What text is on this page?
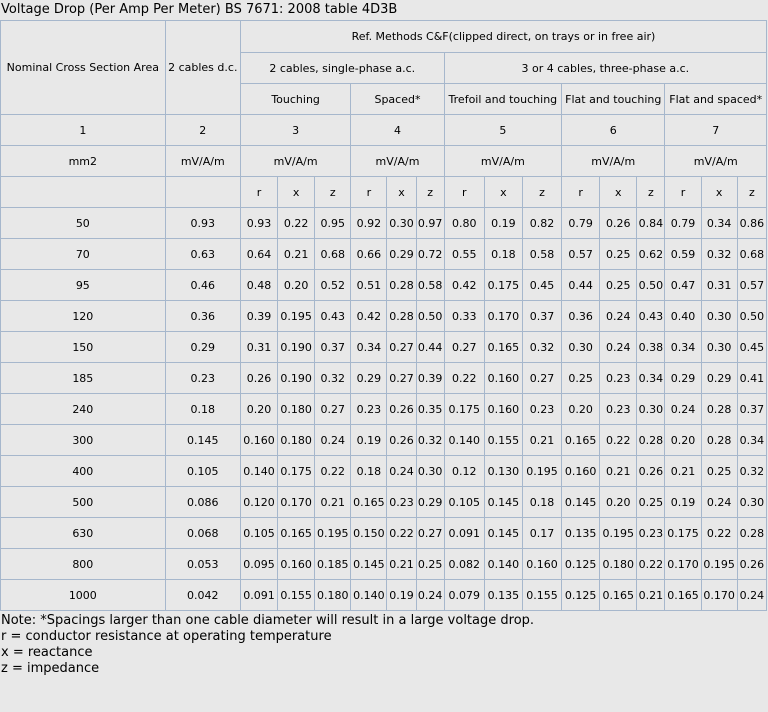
Voltage Drop (Per Amp Per Meter) BS 7671: 2008 table 4D3B
Nominal Cross Section Area	2 cables d.c.	Ref. Methods C&F(clipped direct, on trays or in free air)														
		2 cables, single-phase a.c.						3 or 4 cables, three-phase a.c.								
		Touching			Spaced*			Trefoil and touching			Flat and touching			Flat and spaced*		
1	2	3			4			5			6			7		
mm2	mV/A/m	mV/A/m			mV/A/m			mV/A/m			mV/A/m			mV/A/m		
		r	x	z	r	x	z	r	x	z	r	x	z	r	x	z
50	0.93	0.93	0.22	0.95	0.92	0.30	0.97	0.80	0.19	0.82	0.79	0.26	0.84	0.79	0.34	0.86
70	0.63	0.64	0.21	0.68	0.66	0.29	0.72	0.55	0.18	0.58	0.57	0.25	0.62	0.59	0.32	0.68
95	0.46	0.48	0.20	0.52	0.51	0.28	0.58	0.42	0.175	0.45	0.44	0.25	0.50	0.47	0.31	0.57
120	0.36	0.39	0.195	0.43	0.42	0.28	0.50	0.33	0.170	0.37	0.36	0.24	0.43	0.40	0.30	0.50
150	0.29	0.31	0.190	0.37	0.34	0.27	0.44	0.27	0.165	0.32	0.30	0.24	0.38	0.34	0.30	0.45
185	0.23	0.26	0.190	0.32	0.29	0.27	0.39	0.22	0.160	0.27	0.25	0.23	0.34	0.29	0.29	0.41
240	0.18	0.20	0.180	0.27	0.23	0.26	0.35	0.175	0.160	0.23	0.20	0.23	0.30	0.24	0.28	0.37
300	0.145	0.160	0.180	0.24	0.19	0.26	0.32	0.140	0.155	0.21	0.165	0.22	0.28	0.20	0.28	0.34
400	0.105	0.140	0.175	0.22	0.18	0.24	0.30	0.12	0.130	0.195	0.160	0.21	0.26	0.21	0.25	0.32
500	0.086	0.120	0.170	0.21	0.165	0.23	0.29	0.105	0.145	0.18	0.145	0.20	0.25	0.19	0.24	0.30
630	0.068	0.105	0.165	0.195	0.150	0.22	0.27	0.091	0.145	0.17	0.135	0.195	0.23	0.175	0.22	0.28
800	0.053	0.095	0.160	0.185	0.145	0.21	0.25	0.082	0.140	0.160	0.125	0.180	0.22	0.170	0.195	0.26
1000	0.042	0.091	0.155	0.180	0.140	0.19	0.24	0.079	0.135	0.155	0.125	0.165	0.21	0.165	0.170	0.24
Note: *Spacings larger than one cable diameter will result in a large voltage drop.
r = conductor resistance at operating temperature
x = reactance
z = impedance
